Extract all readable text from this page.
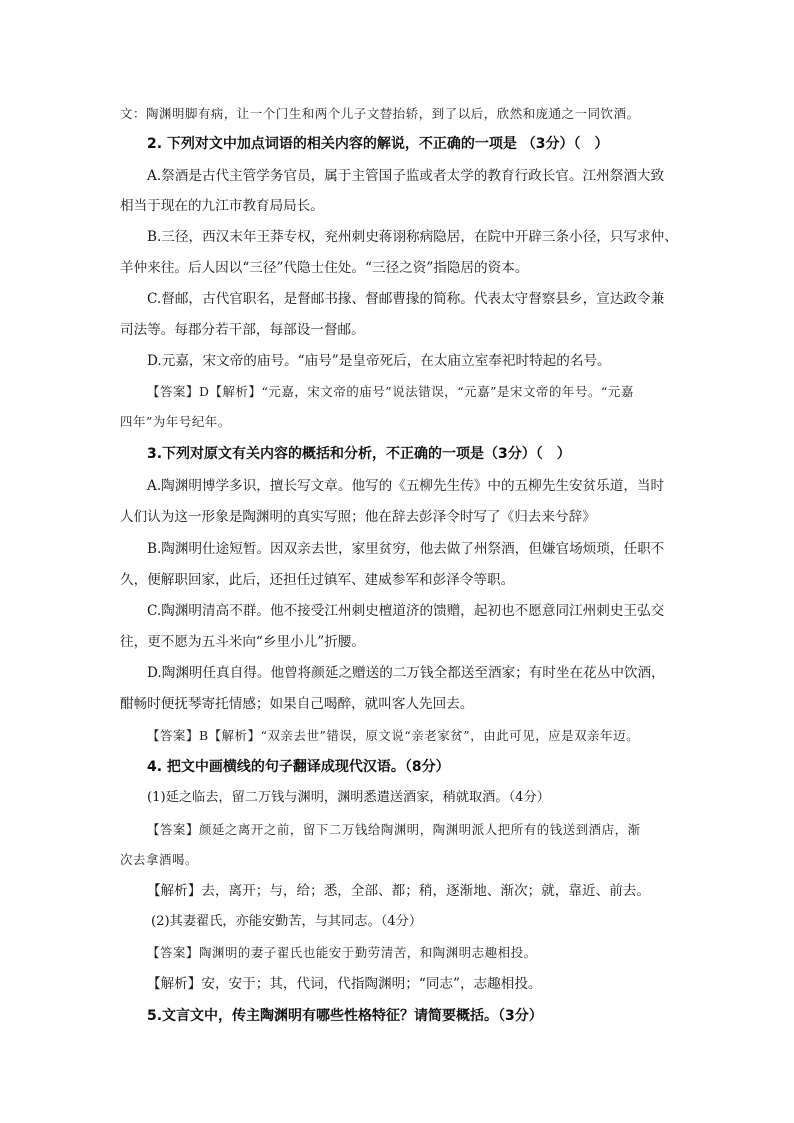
文：陶渊明脚有病，让一个门生和两个儿子文替抬轿，到了以后，欣然和庞通之一同饮酒。
2. 下列对文中加点词语的相关内容的解说，不正确的一项是 （3分）（　）
A.祭酒是古代主管学务官员，属于主管国子监或者太学的教育行政长官。江州祭酒大致
相当于现在的九江市教育局局长。
B.三径，西汉末年王莽专权，兖州刺史蒋诩称病隐居，在院中开辟三条小径，只写求仲、
羊仲来往。后人因以“三径”代隐士住处。“三径之资”指隐居的资本。
C.督邮，古代官职名，是督邮书掾、督邮曹掾的简称。代表太守督察县乡，宣达政令兼
司法等。每郡分若干部，每部设一督邮。
D.元嘉，宋文帝的庙号。“庙号”是皇帝死后，在太庙立室奉祀时特起的名号。
【答案】D【解析】“元嘉，宋文帝的庙号”说法错误，“元嘉”是宋文帝的年号。“元嘉
四年”为年号纪年。
3.下列对原文有关内容的概括和分析，不正确的一项是（3分）（　）
A.陶渊明博学多识，擅长写文章。他写的《五柳先生传》中的五柳先生安贫乐道，当时
人们认为这一形象是陶渊明的真实写照；他在辞去彭泽令时写了《归去来兮辞》
B.陶渊明仕途短暂。因双亲去世，家里贫穷，他去做了州祭酒，但嫌官场烦琐，任职不
久，便解职回家，此后，还担任过镇军、建威参军和彭泽令等职。
C.陶渊明清高不群。他不接受江州刺史檀道济的馈赠，起初也不愿意同江州刺史王弘交
往，更不愿为五斗米向“乡里小儿”折腰。
D.陶渊明任真自得。他曾将颜延之赠送的二万钱全都送至酒家；有时坐在花丛中饮酒，
酣畅时便抚琴寄托情感；如果自己喝醉，就叫客人先回去。
【答案】B【解析】“双亲去世”错误，原文说“亲老家贫”，由此可见，应是双亲年迈。
4. 把文中画横线的句子翻译成现代汉语。（8分）
(1)延之临去，留二万钱与渊明，渊明悉遣送酒家，稍就取酒。（4分）
【答案】颜延之离开之前，留下二万钱给陶渊明，陶渊明派人把所有的钱送到酒店，渐
次去拿酒喝。
【解析】去，离开；与，给；悉，全部、都；稍，逐渐地、渐次；就，靠近、前去。
(2)其妻翟氏，亦能安勤苦，与其同志。（4分）
【答案】陶渊明的妻子翟氏也能安于勤劳清苦，和陶渊明志趣相投。
【解析】安，安于；其，代词，代指陶渊明；“同志”，志趣相投。
5.文言文中，传主陶渊明有哪些性格特征？请简要概括。（3分）
